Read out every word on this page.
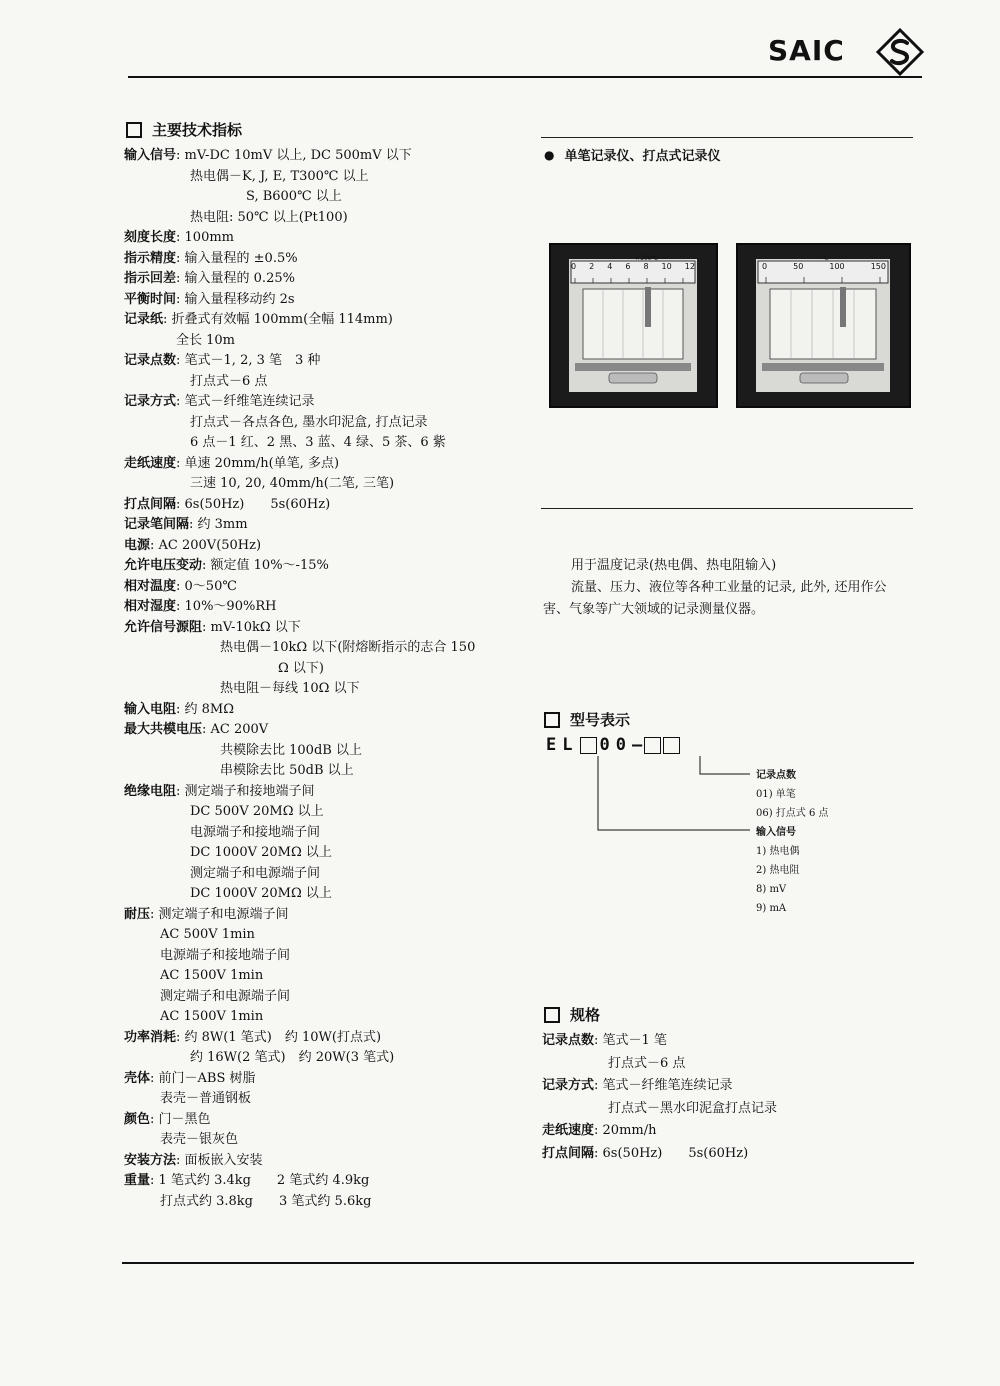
SAIC
主要技术指标
输入信号: mV-DC 10mV 以上, DC 500mV 以下
热电偶－K, J, E, T300℃ 以上
S, B600℃ 以上
热电阻: 50℃ 以上(Pt100)
刻度长度: 100mm
指示精度: 输入量程的 ±0.5%
指示回差: 输入量程的 0.25%
平衡时间: 输入量程移动约 2s
记录纸: 折叠式有效幅 100mm(全幅 114mm)
全长 10m
记录点数: 笔式－1, 2, 3 笔　3 种
打点式－6 点
记录方式: 笔式－纤维笔连续记录
打点式－各点各色, 墨水印泥盒, 打点记录
6 点－1 红、2 黑、3 蓝、4 绿、5 茶、6 紫
走纸速度: 单速 20mm/h(单笔, 多点)
三速 10, 20, 40mm/h(二笔, 三笔)
打点间隔: 6s(50Hz)　　5s(60Hz)
记录笔间隔: 约 3mm
电源: AC 200V(50Hz)
允许电压变动: 额定值 10%～-15%
相对温度: 0～50℃
相对湿度: 10%～90%RH
允许信号源阻: mV-10kΩ 以下
热电偶－10kΩ 以下(附熔断指示的志合 150
Ω 以下)
热电阻－每线 10Ω 以下
输入电阻: 约 8MΩ
最大共模电压: AC 200V
共模除去比 100dB 以上
串模除去比 50dB 以上
绝缘电阻: 测定端子和接地端子间
DC 500V 20MΩ 以上
电源端子和接地端子间
DC 1000V 20MΩ 以上
测定端子和电源端子间
DC 1000V 20MΩ 以上
耐压: 测定端子和电源端子间
AC 500V 1min
电源端子和接地端子间
AC 1500V 1min
测定端子和电源端子间
AC 1500V 1min
功率消耗: 约 8W(1 笔式)　约 10W(打点式)
约 16W(2 笔式)　约 20W(3 笔式)
壳体: 前门－ABS 树脂
表壳－普通钢板
颜色: 门－黑色
表壳－银灰色
安装方法: 面板嵌入安装
重量: 1 笔式约 3.4kg　　2 笔式约 4.9kg
打点式约 3.8kg　　3 笔式约 5.6kg
● 单笔记录仪、打点式记录仪
0 2 4 6 8 10 12
×100℃
0	50	100	150
℃
用于温度记录(热电偶、热电阻输入)
流量、压力、液位等各种工业量的记录, 此外, 还用作公
害、气象等广大领域的记录测量仪器。
型号表示
EL 00 —
记录点数
01) 单笔
06) 打点式 6 点
输入信号
1) 热电偶
2) 热电阻
8) mV
9) mA
规格
记录点数: 笔式－1 笔
打点式－6 点
记录方式: 笔式－纤维笔连续记录
打点式－黑水印泥盒打点记录
走纸速度: 20mm/h
打点间隔: 6s(50Hz)　　5s(60Hz)
